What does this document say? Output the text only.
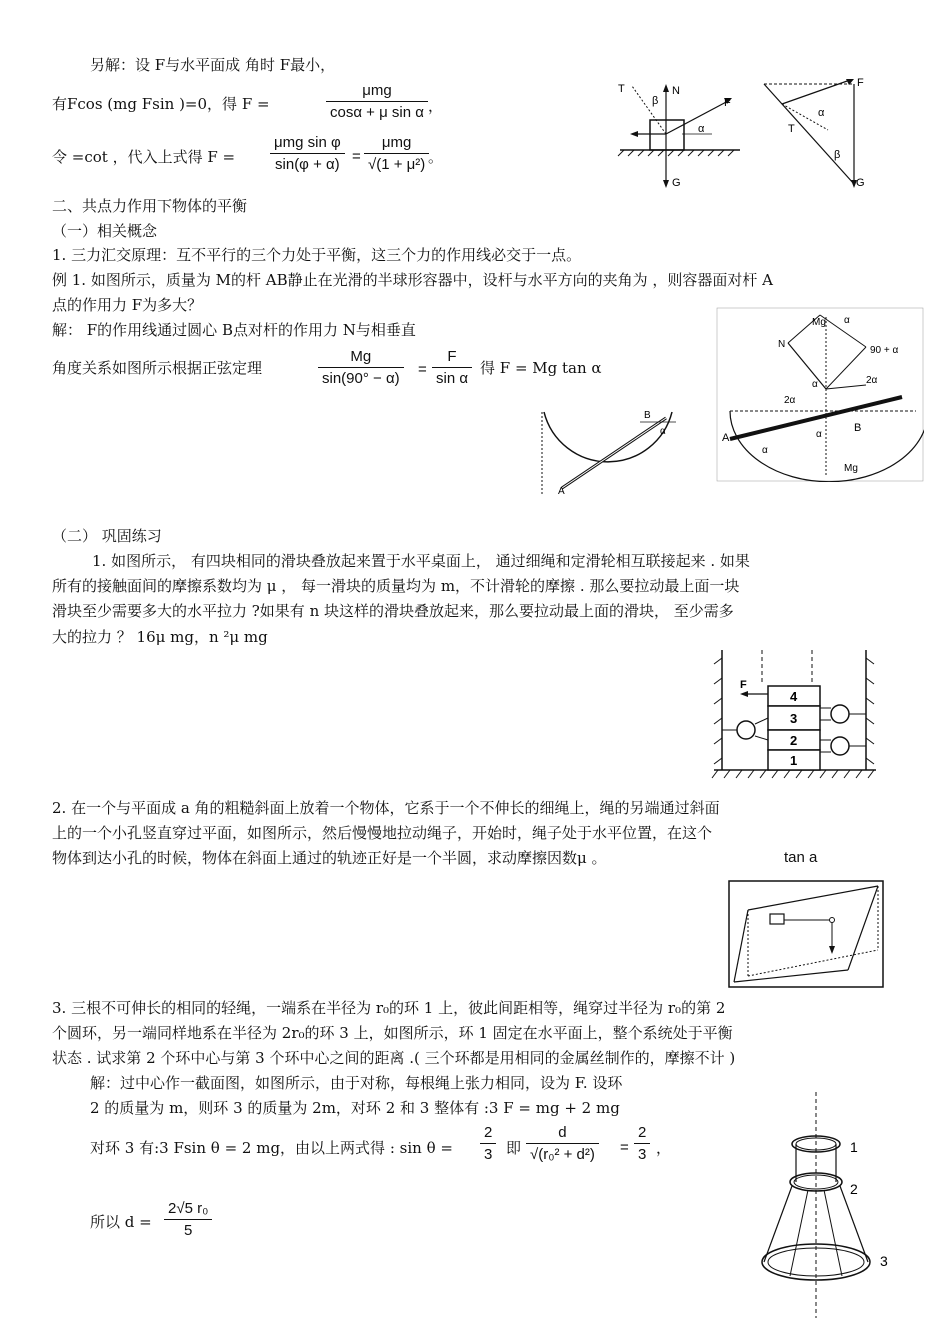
另解：设 F与水平面成 角时 F最小，
有Fcos (mg Fsin )=0，得 F =
μmg
cosα + μ sin α ，
令 =cot ，代入上式得 F =
μmg sin φ
sin(φ + α) =
μmg
√(1 + μ²) 。
T
β
N
F
α
G
F
α
T
β
G
二、共点力作用下物体的平衡
（一）相关概念
1. 三力汇交原理：互不平行的三个力处于平衡，这三个力的作用线必交于一点。
例 1. 如图所示，质量为 M的杆 AB静止在光滑的半球形容器中，设杆与水平方向的夹角为 ，则容器面对杆 A
点的作用力 F为多大？
解： F的作用线通过圆心 B点对杆的作用力 N与相垂直
角度关系如图所示根据正弦定理
Mg
sin(90° − α)
=
F
sin α
得 F = Mg tan α
B
α
A
Mg α
N
90 + α
2α
2α
α
A
B
α
α
Mg
（二） 巩固练习
1. 如图所示， 有四块相同的滑块叠放起来置于水平桌面上， 通过细绳和定滑轮相互联接起来 . 如果
所有的接触面间的摩擦系数均为 μ ， 每一滑块的质量均为 m，不计滑轮的摩擦 . 那么要拉动最上面一块
滑块至少需要多大的水平拉力 ?如果有 n 块这样的滑块叠放起来，那么要拉动最上面的滑块， 至少需多
大的拉力 ？ 16μ mg，n ²μ mg
F
4
3
2
1
2. 在一个与平面成 a 角的粗糙斜面上放着一个物体，它系于一个不伸长的细绳上，绳的另端通过斜面
上的一个小孔竖直穿过平面，如图所示，然后慢慢地拉动绳子，开始时，绳子处于水平位置，在这个
物体到达小孔的时候，物体在斜面上通过的轨迹正好是一个半圆，求动摩擦因数μ 。	tan a
3. 三根不可伸长的相同的轻绳，一端系在半径为 r₀的环 1 上，彼此间距相等，绳穿过半径为 r₀的第 2
个圆环，另一端同样地系在半径为 2r₀的环 3 上，如图所示，环 1 固定在水平面上，整个系统处于平衡
状态 . 试求第 2 个环中心与第 3 个环中心之间的距离 .( 三个环都是用相同的金属丝制作的，摩擦不计 )
解：过中心作一截面图，如图所示，由于对称，每根绳上张力相同，设为 F. 设环
2 的质量为 m，则环 3 的质量为 2m，对环 2 和 3 整体有 :3 F = mg + 2 mg
对环 3 有:3 Fsin θ = 2 mg，由以上两式得 : sin θ =
2
3 即
d
√(r₀² + d²) =
2
3 ，
所以 d =
2√5 r₀
5
1
2
3
